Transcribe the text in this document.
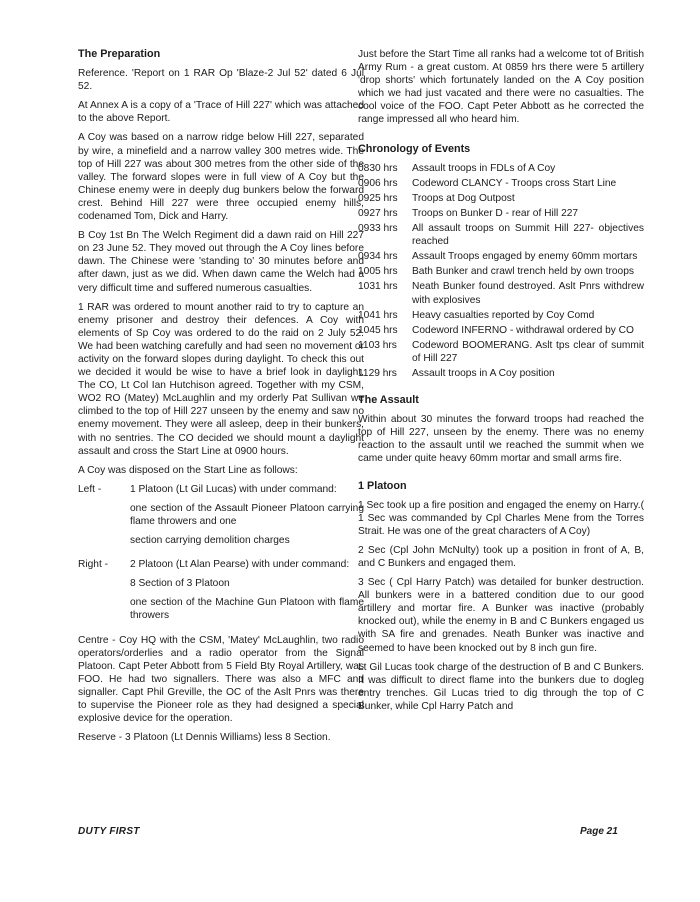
The Preparation

Reference. 'Report on 1 RAR Op 'Blaze-2 Jul 52' dated 6 Jul 52.

At Annex A is a copy of a 'Trace of Hill 227' which was attached to the above Report.

A Coy was based on a narrow ridge below Hill 227, separated by wire, a minefield and a narrow valley 300 metres wide. The top of Hill 227 was about 300 metres from the other side of the valley. The forward slopes were in full view of A Coy but the Chinese enemy were in deeply dug bunkers below the forward crest. Behind Hill 227 were three occupied enemy hills, codenamed Tom, Dick and Harry.

B Coy 1st Bn The Welch Regiment did a dawn raid on Hill 227 on 23 June 52. They moved out through the A Coy lines before dawn. The Chinese were 'standing to' 30 minutes before and after dawn, just as we did. When dawn came the Welch had a very difficult time and suffered numerous casualties.

1 RAR was ordered to mount another raid to try to capture an enemy prisoner and destroy their defences. A Coy with elements of Sp Coy was ordered to do the raid on 2 July 52. We had been watching carefully and had seen no movement or activity on the forward slopes during daylight. To check this out we decided it would be wise to have a brief look in daylight. The CO, Lt Col Ian Hutchison agreed. Together with my CSM, WO2 RO (Matey) McLaughlin and my orderly Pat Sullivan we climbed to the top of Hill 227 unseen by the enemy and saw no enemy movement. They were all asleep, deep in their bunkers, with no sentries. The CO decided we should mount a daylight assault and cross the Start Line at 0900 hours.

A Coy was disposed on the Start Line as follows:

Left -	1 Platoon (Lt Gil Lucas) with under command:

one section of the Assault Pioneer Platoon carrying flame throwers and one

section carrying demolition charges

Right -	2 Platoon (Lt Alan Pearse) with under command:

8 Section of 3 Platoon

one section of the Machine Gun Platoon with flame throwers

Centre - Coy HQ with the CSM, 'Matey' McLaughlin, two radio operators/orderlies and a radio operator from the Signal Platoon. Capt Peter Abbott from 5 Field Bty Royal Artillery, was FOO. He had two signallers. There was also a MFC and signaller. Capt Phil Greville, the OC of the Aslt Pnrs was there to supervise the Pioneer role as they had designed a special explosive device for the operation.

Reserve - 3 Platoon (Lt Dennis Williams) less 8 Section.

Just before the Start Time all ranks had a welcome tot of British Army Rum - a great custom. At 0859 hrs there were 5 artillery 'drop shorts' which fortunately landed on the A Coy position which we had just vacated and there were no casualties. The cool voice of the FOO. Capt Peter Abbott as he corrected the range impressed all who heard him.

Chronology of Events
0830 hrs	Assault troops in FDLs of A Coy
0906 hrs	Codeword CLANCY - Troops cross Start Line
0925 hrs	Troops at Dog Outpost
0927 hrs	Troops on Bunker D - rear of Hill 227
0933 hrs	All assault troops on Summit Hill 227- objectives reached
0934 hrs	Assault Troops engaged by enemy 60mm mortars
1005 hrs	Bath Bunker and crawl trench held by own troops
1031 hrs	Neath Bunker found destroyed. Aslt Pnrs withdrew with explosives
1041 hrs	Heavy casualties reported by Coy Comd
1045 hrs	Codeword INFERNO - withdrawal ordered by CO
1103 hrs	Codeword BOOMERANG. Aslt tps clear of summit of Hill 227
1129 hrs	Assault troops in A Coy position
The Assault

Within about 30 minutes the forward troops had reached the top of Hill 227, unseen by the enemy. There was no enemy reaction to the assault until we reached the summit when we came under quite heavy 60mm mortar and small arms fire.

1 Platoon

1 Sec took up a fire position and engaged the enemy on Harry.( 1 Sec was commanded by Cpl Charles Mene from the Torres Strait. He was one of the great characters of A Coy)

2 Sec (Cpl John McNulty) took up a position in front of A, B, and C Bunkers and engaged them.

3 Sec ( Cpl Harry Patch) was detailed for bunker destruction. All bunkers were in a battered condition due to our good artillery and mortar fire. A Bunker was inactive (probably knocked out), while the enemy in B and C Bunkers engaged us with SA fire and grenades. Neath Bunker was inactive and seemed to have been knocked out by 8 inch gun fire.

Lt Gil Lucas took charge of the destruction of B and C Bunkers. It was difficult to direct flame into the bunkers due to dogleg entry trenches. Gil Lucas tried to dig through the top of C Bunker, while Cpl Harry Patch and

DUTY FIRST	Page 21
